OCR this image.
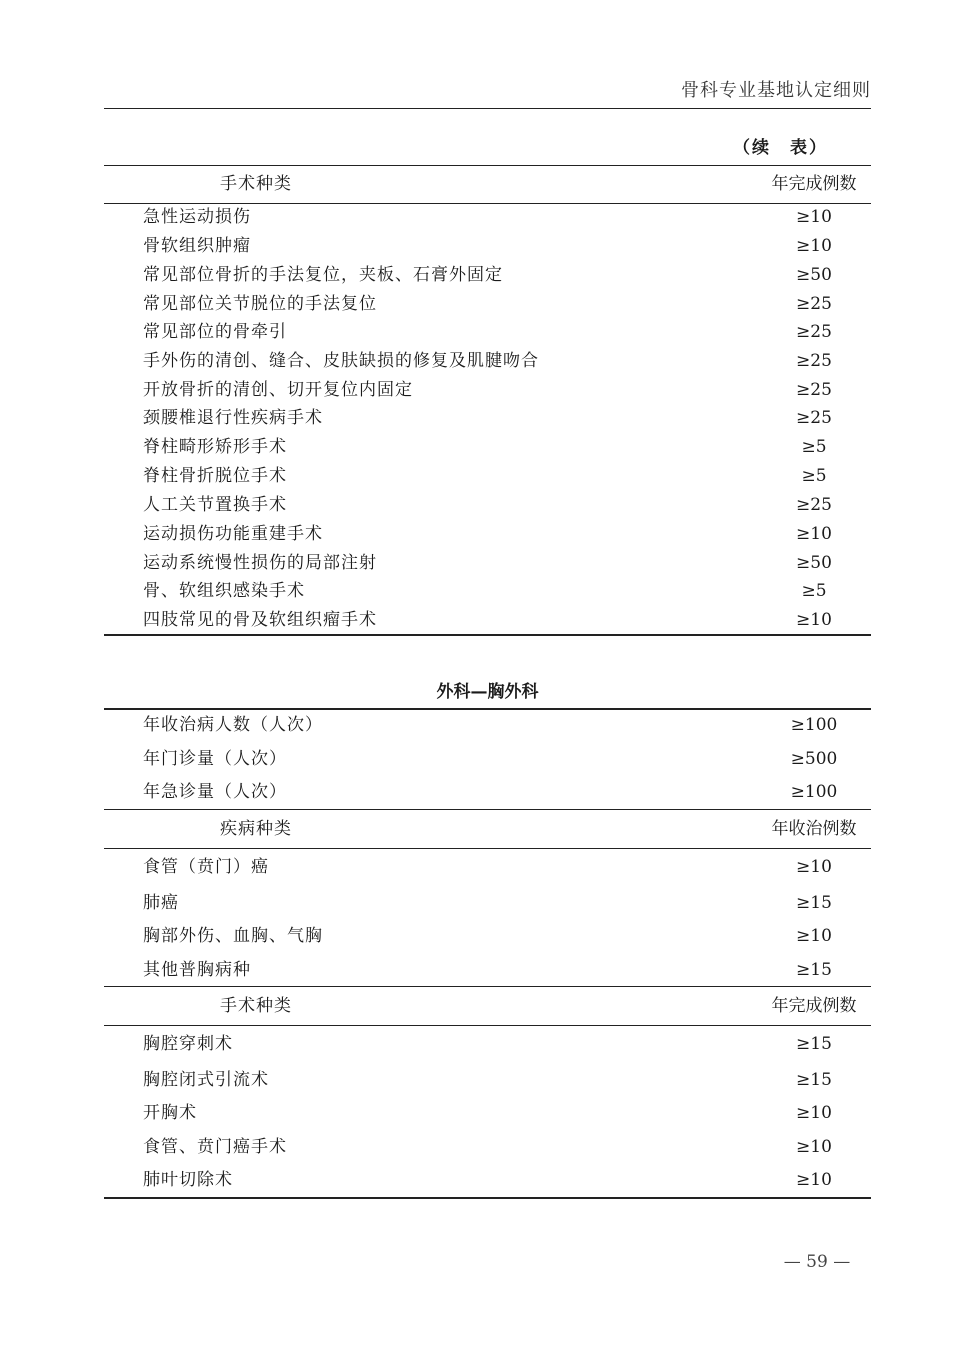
骨科专业基地认定细则
（续　表）
手术种类	年完成例数
急性运动损伤	≥10
骨软组织肿瘤	≥10
常见部位骨折的手法复位，夹板、石膏外固定	≥50
常见部位关节脱位的手法复位	≥25
常见部位的骨牵引	≥25
手外伤的清创、缝合、皮肤缺损的修复及肌腱吻合	≥25
开放骨折的清创、切开复位内固定	≥25
颈腰椎退行性疾病手术	≥25
脊柱畸形矫形手术	≥5
脊柱骨折脱位手术	≥5
人工关节置换手术	≥25
运动损伤功能重建手术	≥10
运动系统慢性损伤的局部注射	≥50
骨、软组织感染手术	≥5
四肢常见的骨及软组织瘤手术	≥10
外科—胸外科
年收治病人数（人次）	≥100
年门诊量（人次）	≥500
年急诊量（人次）	≥100
疾病种类	年收治例数
食管（贲门）癌	≥10
肺癌	≥15
胸部外伤、血胸、气胸	≥10
其他普胸病种	≥15
手术种类	年完成例数
胸腔穿刺术	≥15
胸腔闭式引流术	≥15
开胸术	≥10
食管、贲门癌手术	≥10
肺叶切除术	≥10
— 59 —
